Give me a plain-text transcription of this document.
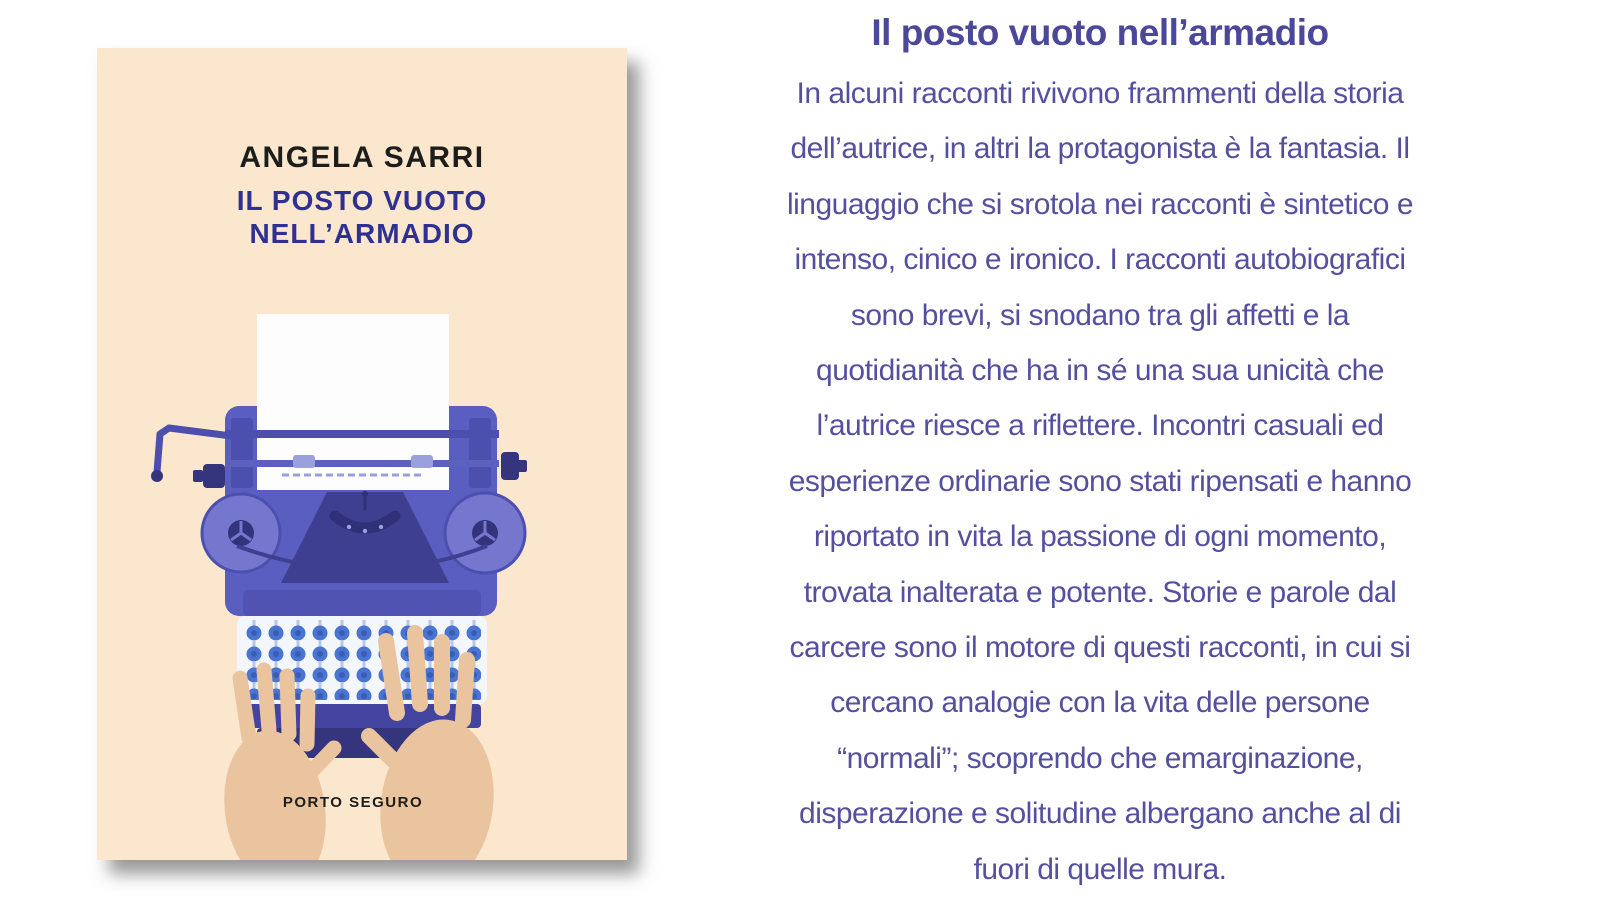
ANGELA SARRI
IL POSTO VUOTO
NELL’ARMADIO
PORTO SEGURO
Il posto vuoto nell’armadio
In alcuni racconti rivivono frammenti della storia
dell’autrice, in altri la protagonista è la fantasia. Il
linguaggio che si srotola nei racconti è sintetico e
intenso, cinico e ironico. I racconti autobiografici
sono brevi, si snodano tra gli affetti e la
quotidianità che ha in sé una sua unicità che
l’autrice riesce a riflettere. Incontri casuali ed
esperienze ordinarie sono stati ripensati e hanno
riportato in vita la passione di ogni momento,
trovata inalterata e potente. Storie e parole dal
carcere sono il motore di questi racconti, in cui si
cercano analogie con la vita delle persone
“normali”; scoprendo che emarginazione,
disperazione e solitudine albergano anche al di
fuori di quelle mura.
